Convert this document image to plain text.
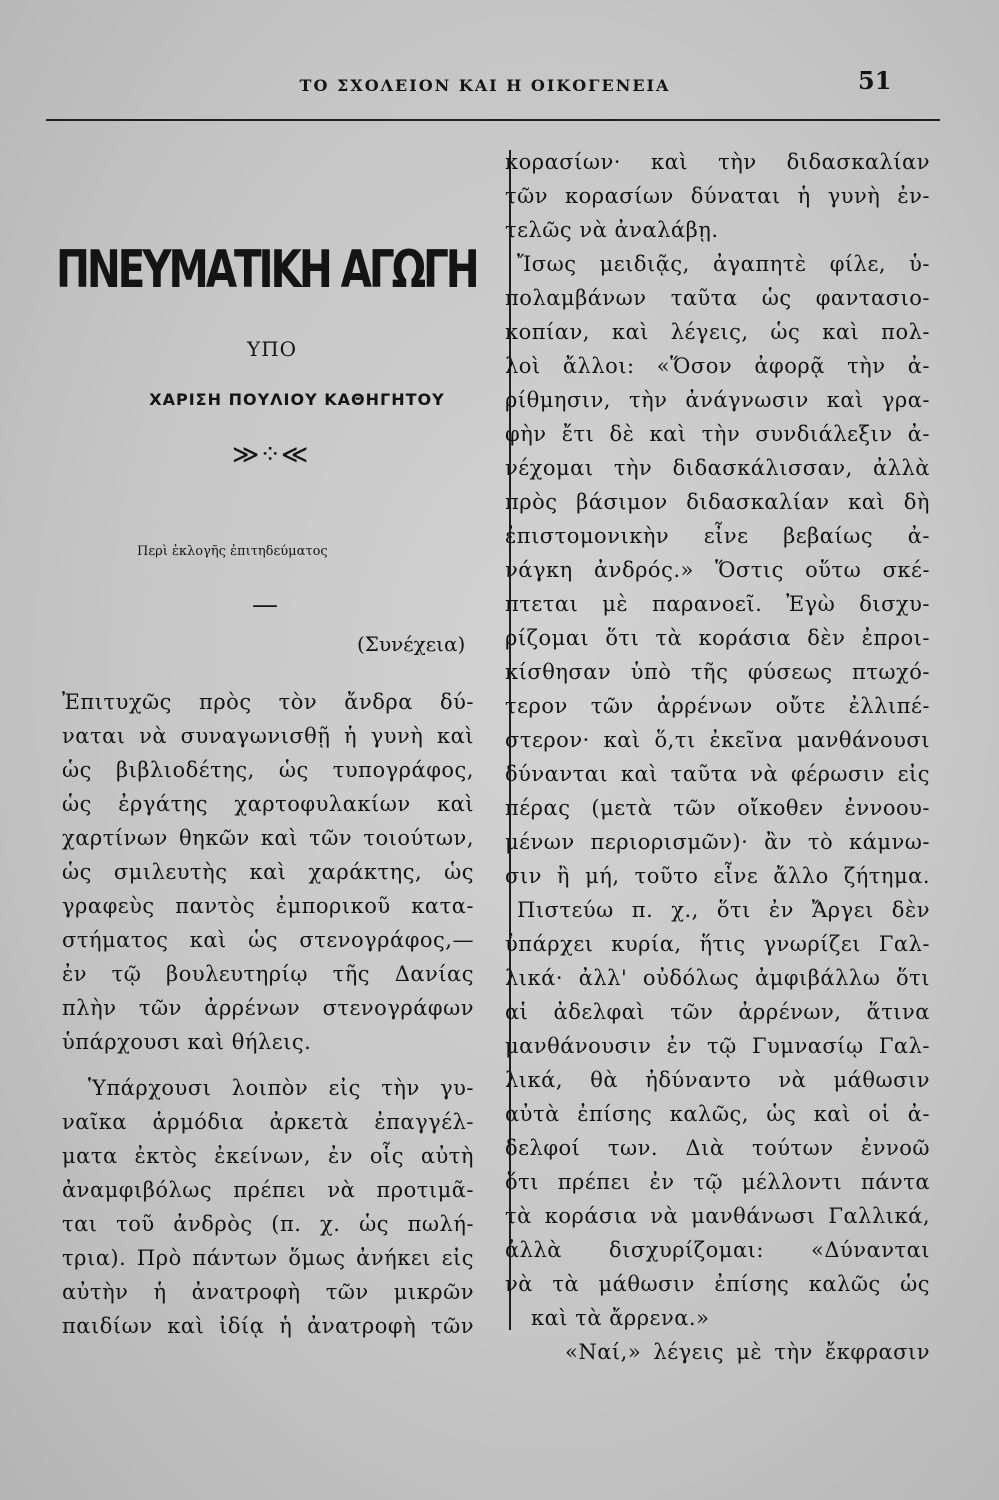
ΤΟ ΣΧΟΛΕΙΟΝ ΚΑΙ Η ΟΙΚΟΓΕΝΕΙΑ	51
ΠΝΕΥΜΑΤΙΚΗ ΑΓΩΓΗ
ΥΠΟ
ΧΑΡΙΣΗ ΠΟΥΛΙΟΥ ΚΑΘΗΓΗΤΟΥ
≫⁘≪
Περὶ ἐκλογῆς ἐπιτηδεύματος
—
(Συνέχεια)
Ἐπιτυχῶς πρὸς τὸν ἄνδρα δύ-
ναται νὰ συναγωνισθῇ ἡ γυνὴ καὶ
ὡς βιβλιοδέτης, ὡς τυπογράφος,
ὡς ἐργάτης χαρτοφυλακίων καὶ
χαρτίνων θηκῶν καὶ τῶν τοιούτων,
ὡς σμιλευτὴς καὶ χαράκτης, ὡς
γραφεὺς παντὸς ἐμπορικοῦ κατα-
στήματος καὶ ὡς στενογράφος,—
ἐν τῷ βουλευτηρίῳ τῆς Δανίας
πλὴν τῶν ἀρρένων στενογράφων
ὑπάρχουσι καὶ θήλεις.
Ὑπάρχουσι λοιπὸν εἰς τὴν γυ-
ναῖκα ἁρμόδια ἀρκετὰ ἐπαγγέλ-
ματα ἐκτὸς ἐκείνων, ἐν οἷς αὐτὴ
ἀναμφιβόλως πρέπει νὰ προτιμᾶ-
ται τοῦ ἀνδρὸς (π. χ. ὡς πωλή-
τρια). Πρὸ πάντων ὅμως ἀνήκει εἰς
αὐτὴν ἡ ἀνατροφὴ τῶν μικρῶν
παιδίων καὶ ἰδίᾳ ἡ ἀνατροφὴ τῶν
κορασίων· καὶ τὴν διδασκαλίαν
τῶν κορασίων δύναται ἡ γυνὴ ἐν-
τελῶς νὰ ἀναλάβῃ.
Ἴσως μειδιᾷς, ἀγαπητὲ φίλε, ὑ-
πολαμβάνων ταῦτα ὡς φαντασιο-
κοπίαν, καὶ λέγεις, ὡς καὶ πολ-
λοὶ ἄλλοι: «Ὅσον ἀφορᾷ τὴν ἀ-
ρίθμησιν, τὴν ἀνάγνωσιν καὶ γρα-
φὴν ἔτι δὲ καὶ τὴν συνδιάλεξιν ἀ-
νέχομαι τὴν διδασκάλισσαν, ἀλλὰ
πρὸς βάσιμον διδασκαλίαν καὶ δὴ
ἐπιστομονικὴν εἶνε βεβαίως ἀ-
νάγκη ἀνδρός.» Ὅστις οὕτω σκέ-
πτεται μὲ παρανοεῖ. Ἐγὼ δισχυ-
ρίζομαι ὅτι τὰ κοράσια δὲν ἐπροι-
κίσθησαν ὑπὸ τῆς φύσεως πτωχό-
τερον τῶν ἀρρένων οὔτε ἐλλιπέ-
στερον· καὶ ὅ,τι ἐκεῖνα μανθάνουσι
δύνανται καὶ ταῦτα νὰ φέρωσιν εἰς
πέρας (μετὰ τῶν οἴκοθεν ἐννοου-
μένων περιορισμῶν)· ἂν τὸ κάμνω-
σιν ἢ μή, τοῦτο εἶνε ἄλλο ζήτημα.
Πιστεύω π. χ., ὅτι ἐν Ἄργει δὲν
ὑπάρχει κυρία, ἥτις γνωρίζει Γαλ-
λικά· ἀλλ' οὐδόλως ἀμφιβάλλω ὅτι
αἱ ἀδελφαὶ τῶν ἀρρένων, ἅτινα
μανθάνουσιν ἐν τῷ Γυμνασίῳ Γαλ-
λικά, θὰ ἠδύναντο νὰ μάθωσιν
αὐτὰ ἐπίσης καλῶς, ὡς καὶ οἱ ἀ-
δελφοί των. Διὰ τούτων ἐννοῶ
ὅτι πρέπει ἐν τῷ μέλλοντι πάντα
τὰ κοράσια νὰ μανθάνωσι Γαλλικά,
ἀλλὰ δισχυρίζομαι: «Δύνανται
νὰ τὰ μάθωσιν ἐπίσης καλῶς ὡς
καὶ τὰ ἄρρενα.»
«Ναί,» λέγεις μὲ τὴν ἔκφρασιν
